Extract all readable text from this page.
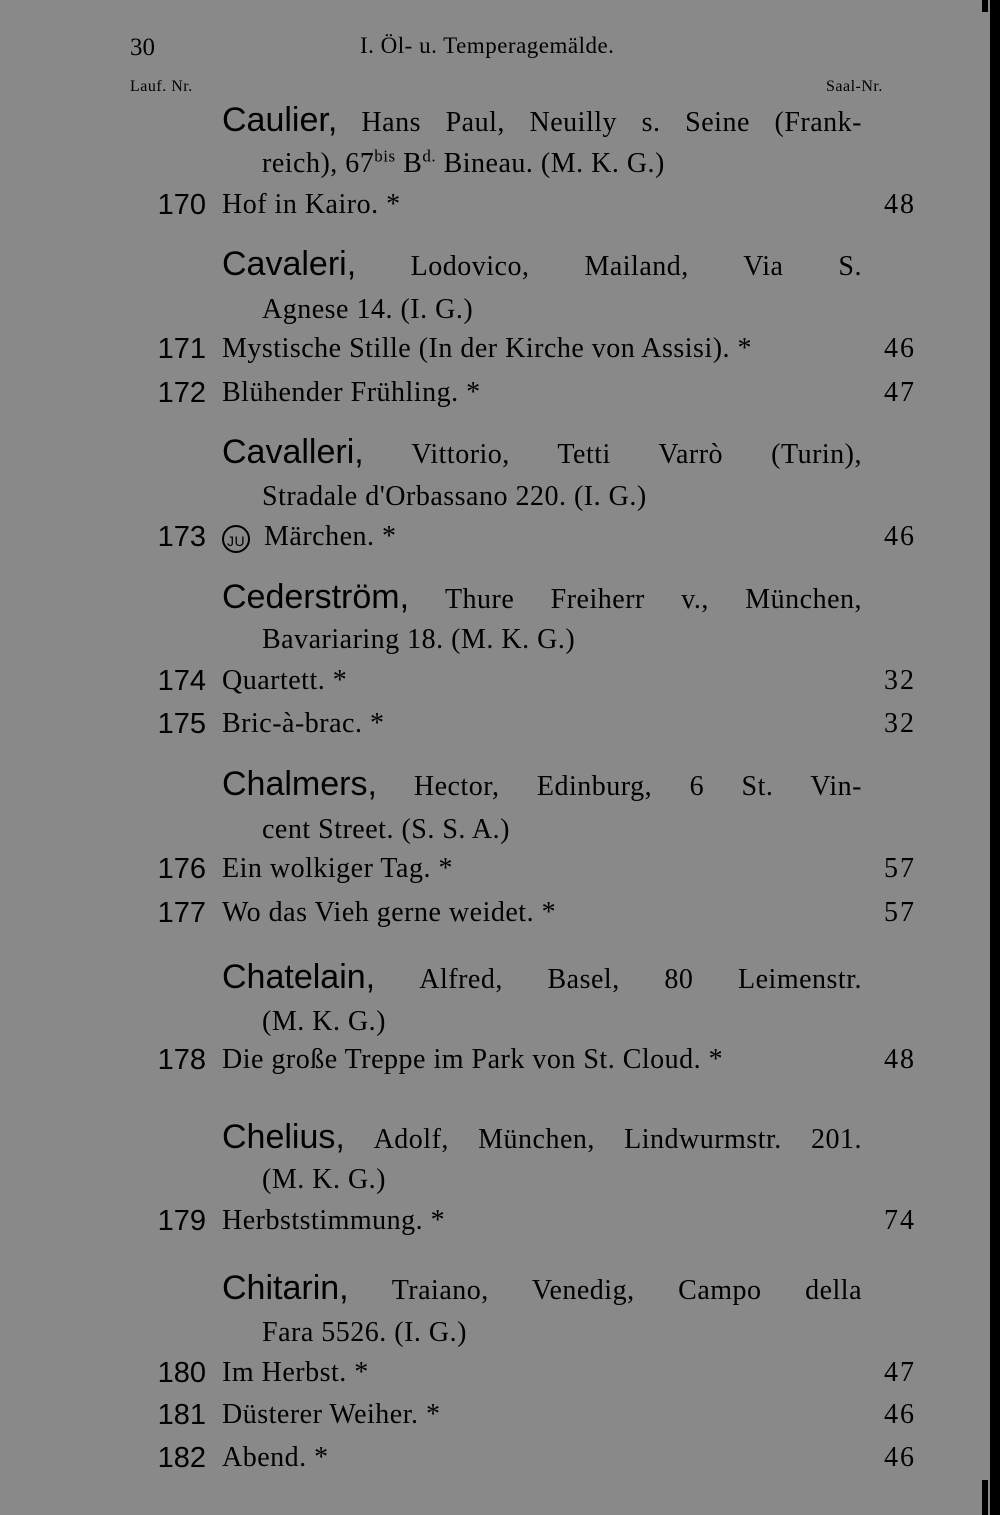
30	I. Öl- u. Temperagemälde.
Lauf. Nr.	Saal-Nr.
Caulier, Hans Paul, Neuilly s. Seine (Frank-
reich), $67^{bis}$ $B^{d.}$ Bineau. (M. K. G.)
170 Hof in Kairo. *	48
Cavaleri, Lodovico, Mailand, Via S.
Agnese 14. (I. G.)
171 Mystische Stille (In der Kirche von Assisi). *	46
172 Blühender Frühling. *	47
Cavalleri, Vittorio, Tetti Varrò (Turin),
Stradale d'Orbassano 220. (I. G.)
173	JU Märchen. *	46
Cederström, Thure Freiherr v., München,
Bavariaring 18. (M. K. G.)
174 Quartett. *	32
175 Bric-à-brac. *	32
Chalmers, Hector, Edinburg, 6 St. Vin-
cent Street. (S. S. A.)
176 Ein wolkiger Tag. *	57
177 Wo das Vieh gerne weidet. *	57
Chatelain, Alfred, Basel, 80 Leimenstr.
(M. K. G.)
178 Die große Treppe im Park von St. Cloud. *	48
Chelius, Adolf, München, Lindwurmstr. 201.
(M. K. G.)
179 Herbststimmung. *	74
Chitarin, Traiano, Venedig, Campo della
Fara 5526. (I. G.)
180 Im Herbst. *	47
181 Düsterer Weiher. *	46
182 Abend. *	46
